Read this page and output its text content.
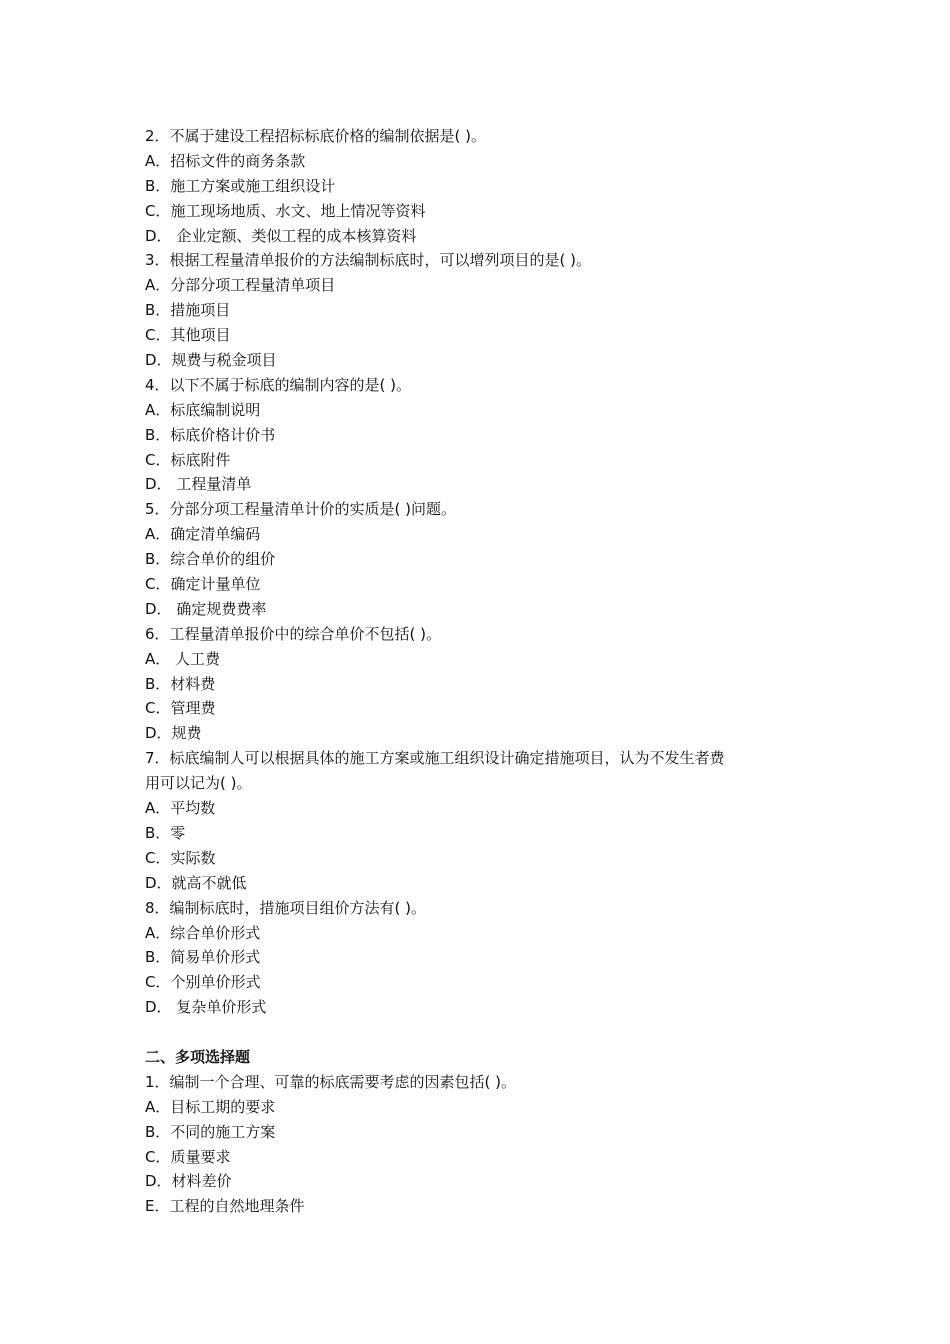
2．不属于建设工程招标标底价格的编制依据是( )。
A．招标文件的商务条款
B．施工方案或施工组织设计
C．施工现场地质、水文、地上情况等资料
D． 企业定额、类似工程的成本核算资料
3．根据工程量清单报价的方法编制标底时，可以增列项目的是( )。
A．分部分项工程量清单项目
B．措施项目
C．其他项目
D．规费与税金项目
4．以下不属于标底的编制内容的是( )。
A．标底编制说明
B．标底价格计价书
C．标底附件
D． 工程量清单
5．分部分项工程量清单计价的实质是( )问题。
A．确定清单编码
B．综合单价的组价
C．确定计量单位
D． 确定规费费率
6．工程量清单报价中的综合单价不包括( )。
A． 人工费
B．材料费
C．管理费
D．规费
7．标底编制人可以根据具体的施工方案或施工组织设计确定措施项目，认为不发生者费
用可以记为( )。
A．平均数
B．零
C．实际数
D．就高不就低
8．编制标底时，措施项目组价方法有( )。
A．综合单价形式
B．简易单价形式
C．个别单价形式
D． 复杂单价形式
二、多项选择题
1．编制一个合理、可靠的标底需要考虑的因素包括( )。
A．目标工期的要求
B．不同的施工方案
C．质量要求
D．材料差价
E．工程的自然地理条件
